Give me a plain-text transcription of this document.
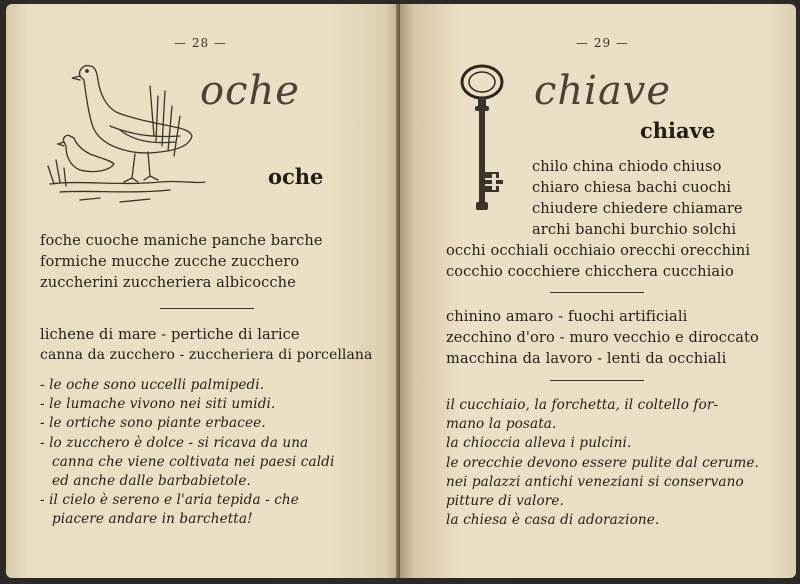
— 28 —
oche
oche
foche cuoche maniche panche barche
formiche mucche zucche zucchero
zuccherini zuccheriera albicocche
lichene di mare - pertiche di larice
canna da zucchero - zuccheriera di porcellana
- le oche sono uccelli palmipedi.
- le lumache vivono nei siti umidi.
- le ortiche sono piante erbacee.
- lo zucchero è dolce - si ricava da una
canna che viene coltivata nei paesi caldi
ed anche dalle barbabietole.
- il cielo è sereno e l'aria tepida - che
piacere andare in barchetta!
— 29 —
chiave
chiave
chilo china chiodo chiuso
chiaro chiesa bachi cuochi
chiudere chiedere chiamare
archi banchi burchio solchi
occhi occhiali occhiaio orecchi orecchini
cocchio cocchiere chicchera cucchiaio
chinino amaro - fuochi artificiali
zecchino d'oro - muro vecchio e diroccato
macchina da lavoro - lenti da occhiali
il cucchiaio, la forchetta, il coltello for-
mano la posata.
la chioccia alleva i pulcini.
le orecchie devono essere pulite dal cerume.
nei palazzi antichi veneziani si conservano
pitture di valore.
la chiesa è casa di adorazione.
